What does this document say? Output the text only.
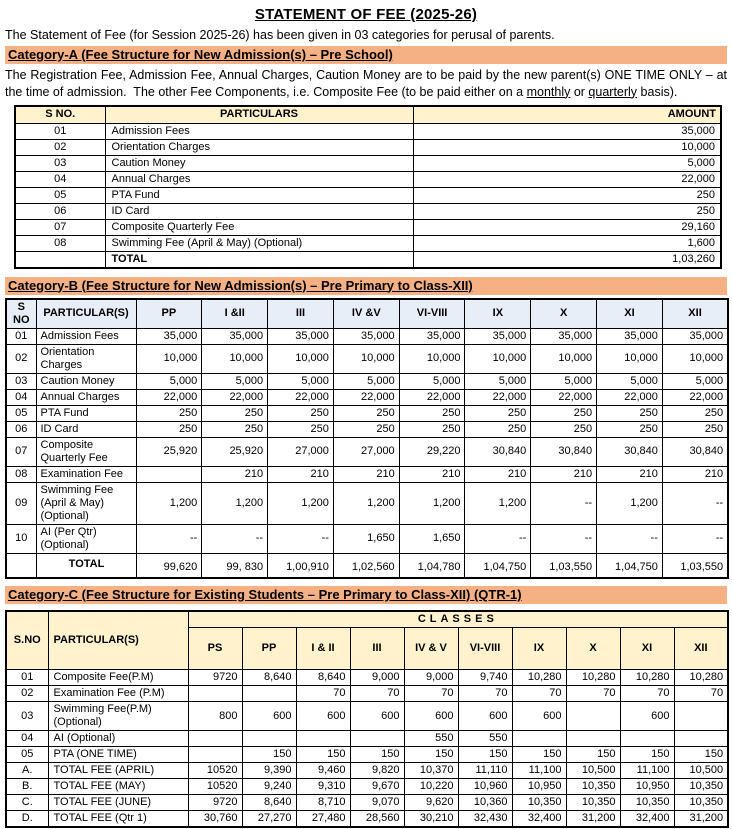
STATEMENT OF FEE (2025-26)
The Statement of Fee (for Session 2025-26) has been given in 03 categories for perusal of parents.
Category-A (Fee Structure for New Admission(s) – Pre School)
The Registration Fee, Admission Fee, Annual Charges, Caution Money are to be paid by the new parent(s) ONE TIME ONLY – at the time of admission.  The other Fee Components, i.e. Composite Fee (to be paid either on a monthly or quarterly basis).
S NO.	PARTICULARS	AMOUNT
01	Admission Fees	35,000
02	Orientation Charges	10,000
03	Caution Money	5,000
04	Annual Charges	22,000
05	PTA Fund	250
06	ID Card	250
07	Composite Quarterly Fee	29,160
08	Swimming Fee (April & May) (Optional)	1,600
	TOTAL	1,03,260
Category-B (Fee Structure for New Admission(s) – Pre Primary to Class-XII)
S NO	PARTICULAR(S)	PP	I &II	III	IV &V	VI-VIII	IX	X	XI	XII
01	Admission Fees	35,000	35,000	35,000	35,000	35,000	35,000	35,000	35,000	35,000
02	Orientation Charges	10,000	10,000	10,000	10,000	10,000	10,000	10,000	10,000	10,000
03	Caution Money	5,000	5,000	5,000	5,000	5,000	5,000	5,000	5,000	5,000
04	Annual Charges	22,000	22,000	22,000	22,000	22,000	22,000	22,000	22,000	22,000
05	PTA Fund	250	250	250	250	250	250	250	250	250
06	ID Card	250	250	250	250	250	250	250	250	250
07	Composite Quarterly Fee	25,920	25,920	27,000	27,000	29,220	30,840	30,840	30,840	30,840
08	Examination Fee		210	210	210	210	210	210	210	210
09	Swimming Fee (April & May) (Optional)	1,200	1,200	1,200	1,200	1,200	1,200	--	1,200	--
10	AI (Per Qtr) (Optional)	--	--	--	1,650	1,650	--	--	--	--
	TOTAL	99,620	99, 830	1,00,910	1,02,560	1,04,780	1,04,750	1,03,550	1,04,750	1,03,550
Category-C (Fee Structure for Existing Students – Pre Primary to Class-XII) (QTR-1)
S.NO	PARTICULAR(S)	CLASSES									
		PS	PP	I & II	III	IV & V	VI-VIII	IX	X	XI	XII
01	Composite Fee(P.M)	9720	8,640	8,640	9,000	9,000	9,740	10,280	10,280	10,280	10,280
02	Examination Fee (P.M)			70	70	70	70	70	70	70	70
03	Swimming Fee(P.M) (Optional)	800	600	600	600	600	600	600		600	
04	AI (Optional)					550	550				
05	PTA (ONE TIME)		150	150	150	150	150	150	150	150	150
A.	TOTAL FEE (APRIL)	10520	9,390	9,460	9,820	10,370	11,110	11,100	10,500	11,100	10,500
B.	TOTAL FEE (MAY)	10520	9,240	9,310	9,670	10,220	10,960	10,950	10,350	10,950	10,350
C.	TOTAL FEE (JUNE)	9720	8,640	8,710	9,070	9,620	10,360	10,350	10,350	10,350	10,350
D.	TOTAL FEE (Qtr 1)	30,760	27,270	27,480	28,560	30,210	32,430	32,400	31,200	32,400	31,200
